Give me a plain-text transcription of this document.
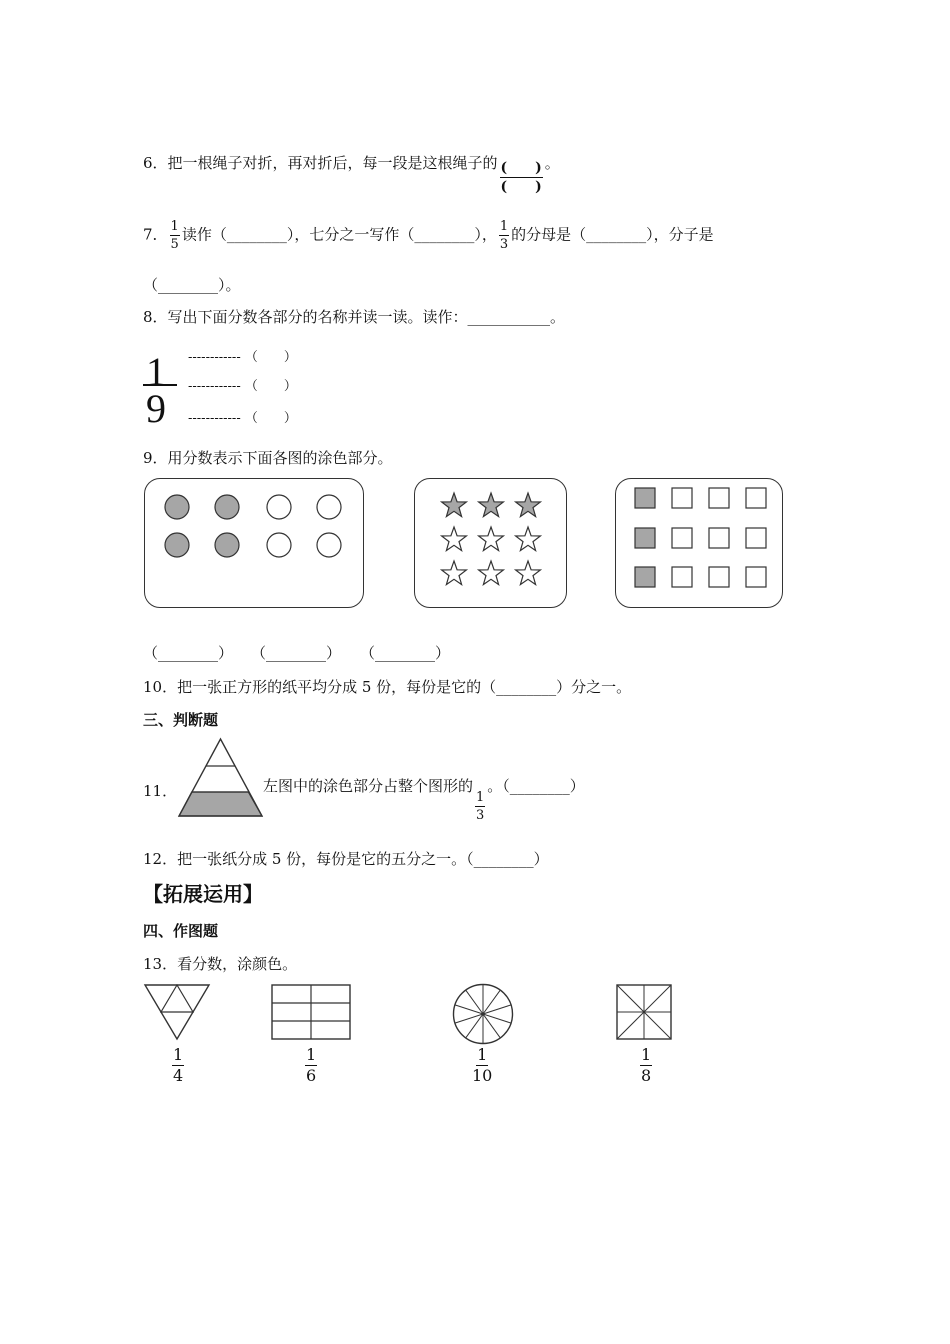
6．把一根绳子对折，再对折后，每一段是这根绳子的 $\frac{( )}{( )}$ 。
7． $\frac{1}{5}$ 读作（________），七分之一写作（________）， $\frac{1}{3}$ 的分母是（________），分子是
（________）。
8．写出下面分数各部分的名称并读一读。读作：___________。
1
9
------------ （　　）
------------ （　　）
------------ （　　）
9．用分数表示下面各图的涂色部分。
（________） （________） （________）
10．把一张正方形的纸平均分成 5 份，每份是它的（________）分之一。
三、判断题
11．	左图中的涂色部分占整个图形的
$\frac{1}{3}$
。（________）
12．把一张纸分成 5 份，每份是它的五分之一。（________）
【拓展运用】
四、作图题
13．看分数，涂颜色。
$\frac{1}{4}$	$\frac{1}{6}$	$\frac{1}{10}$	$\frac{1}{8}$
